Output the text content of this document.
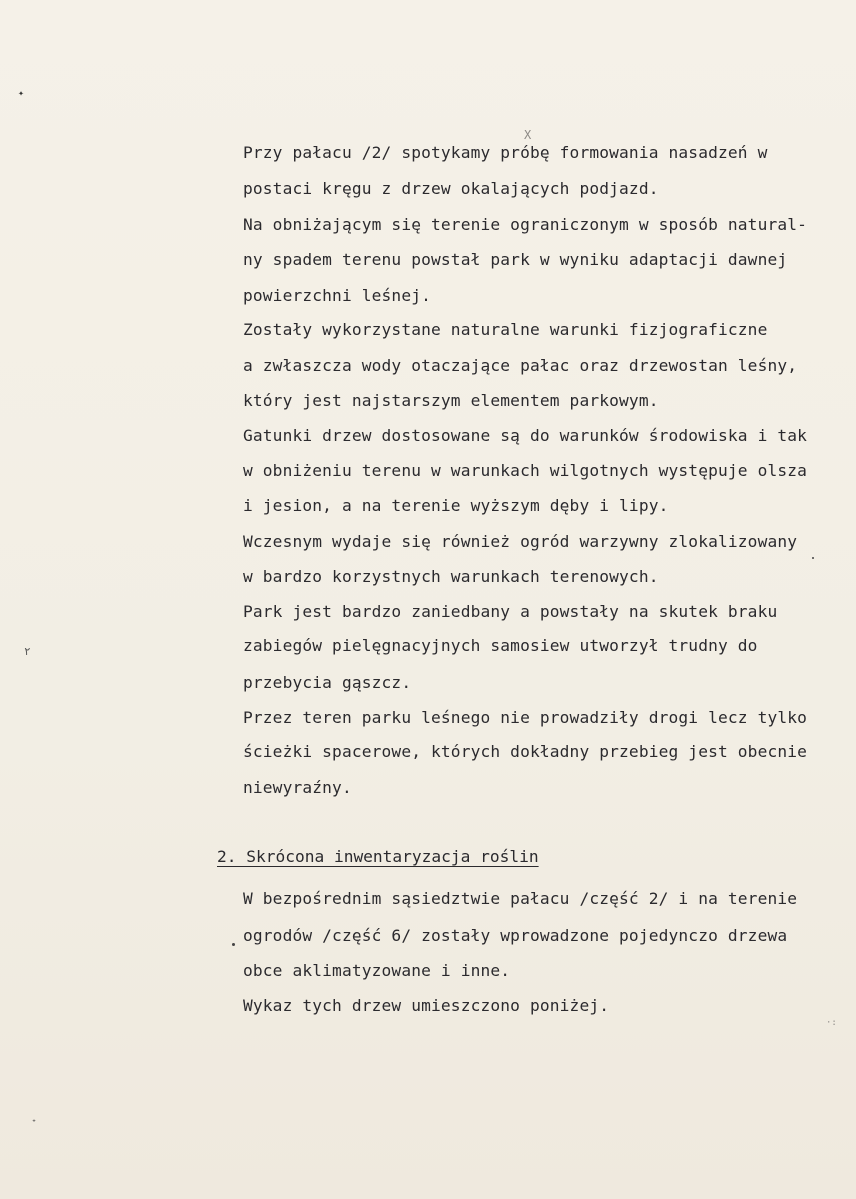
X
✦
٢
ᐩ
Przy pałacu /2/ spotykamy próbę formowania nasadzeń w
postaci kręgu z drzew okalających podjazd.
Na obniżającym się terenie ograniczonym w sposób natural-
ny spadem terenu powstał park w wyniku adaptacji dawnej
powierzchni leśnej.
Zostały wykorzystane naturalne warunki fizjograficzne
a zwłaszcza wody otaczające pałac oraz drzewostan leśny,
który jest najstarszym elementem parkowym.
Gatunki drzew dostosowane są do warunków środowiska i tak
w obniżeniu terenu w warunkach wilgotnych występuje olsza
i jesion, a na terenie wyższym dęby i lipy.
Wczesnym wydaje się również ogród warzywny zlokalizowany
w bardzo korzystnych warunkach terenowych.
Park jest bardzo zaniedbany a powstały na skutek braku
zabiegów pielęgnacyjnych samosiew utworzył trudny do
przebycia gąszcz.
Przez teren parku leśnego nie prowadziły drogi lecz tylko
ścieżki spacerowe, których dokładny przebieg jest obecnie
niewyraźny.
2. Skrócona inwentaryzacja roślin
W bezpośrednim sąsiedztwie pałacu /część 2/ i na terenie
ogrodów /część 6/ zostały wprowadzone pojedynczo drzewa
obce aklimatyzowane i inne.
Wykaz tych drzew umieszczono poniżej.
·:
